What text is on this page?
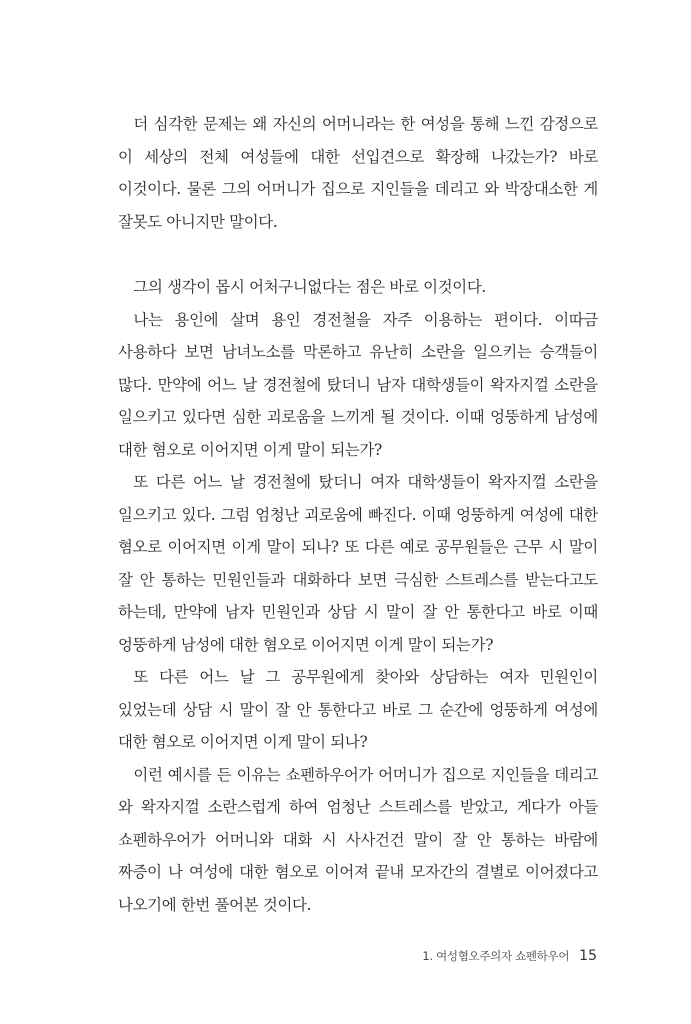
더 심각한 문제는 왜 자신의 어머니라는 한 여성을 통해 느낀 감정으로 이 세상의 전체 여성들에 대한 선입견으로 확장해 나갔는가? 바로 이것이다. 물론 그의 어머니가 집으로 지인들을 데리고 와 박장대소한 게 잘못도 아니지만 말이다.

그의 생각이 몹시 어처구니없다는 점은 바로 이것이다.

나는 용인에 살며 용인 경전철을 자주 이용하는 편이다. 이따금 사용하다 보면 남녀노소를 막론하고 유난히 소란을 일으키는 승객들이 많다. 만약에 어느 날 경전철에 탔더니 남자 대학생들이 왁자지껄 소란을 일으키고 있다면 심한 괴로움을 느끼게 될 것이다. 이때 엉뚱하게 남성에 대한 혐오로 이어지면 이게 말이 되는가?

또 다른 어느 날 경전철에 탔더니 여자 대학생들이 왁자지껄 소란을 일으키고 있다. 그럼 엄청난 괴로움에 빠진다. 이때 엉뚱하게 여성에 대한 혐오로 이어지면 이게 말이 되나? 또 다른 예로 공무원들은 근무 시 말이 잘 안 통하는 민원인들과 대화하다 보면 극심한 스트레스를 받는다고도 하는데, 만약에 남자 민원인과 상담 시 말이 잘 안 통한다고 바로 이때 엉뚱하게 남성에 대한 혐오로 이어지면 이게 말이 되는가?

또 다른 어느 날 그 공무원에게 찾아와 상담하는 여자 민원인이 있었는데 상담 시 말이 잘 안 통한다고 바로 그 순간에 엉뚱하게 여성에 대한 혐오로 이어지면 이게 말이 되나?

이런 예시를 든 이유는 쇼펜하우어가 어머니가 집으로 지인들을 데리고 와 왁자지껄 소란스럽게 하여 엄청난 스트레스를 받았고, 게다가 아들 쇼펜하우어가 어머니와 대화 시 사사건건 말이 잘 안 통하는 바람에 짜증이 나 여성에 대한 혐오로 이어져 끝내 모자간의 결별로 이어졌다고 나오기에 한번 풀어본 것이다.

1. 여성혐오주의자 쇼펜하우어 15
